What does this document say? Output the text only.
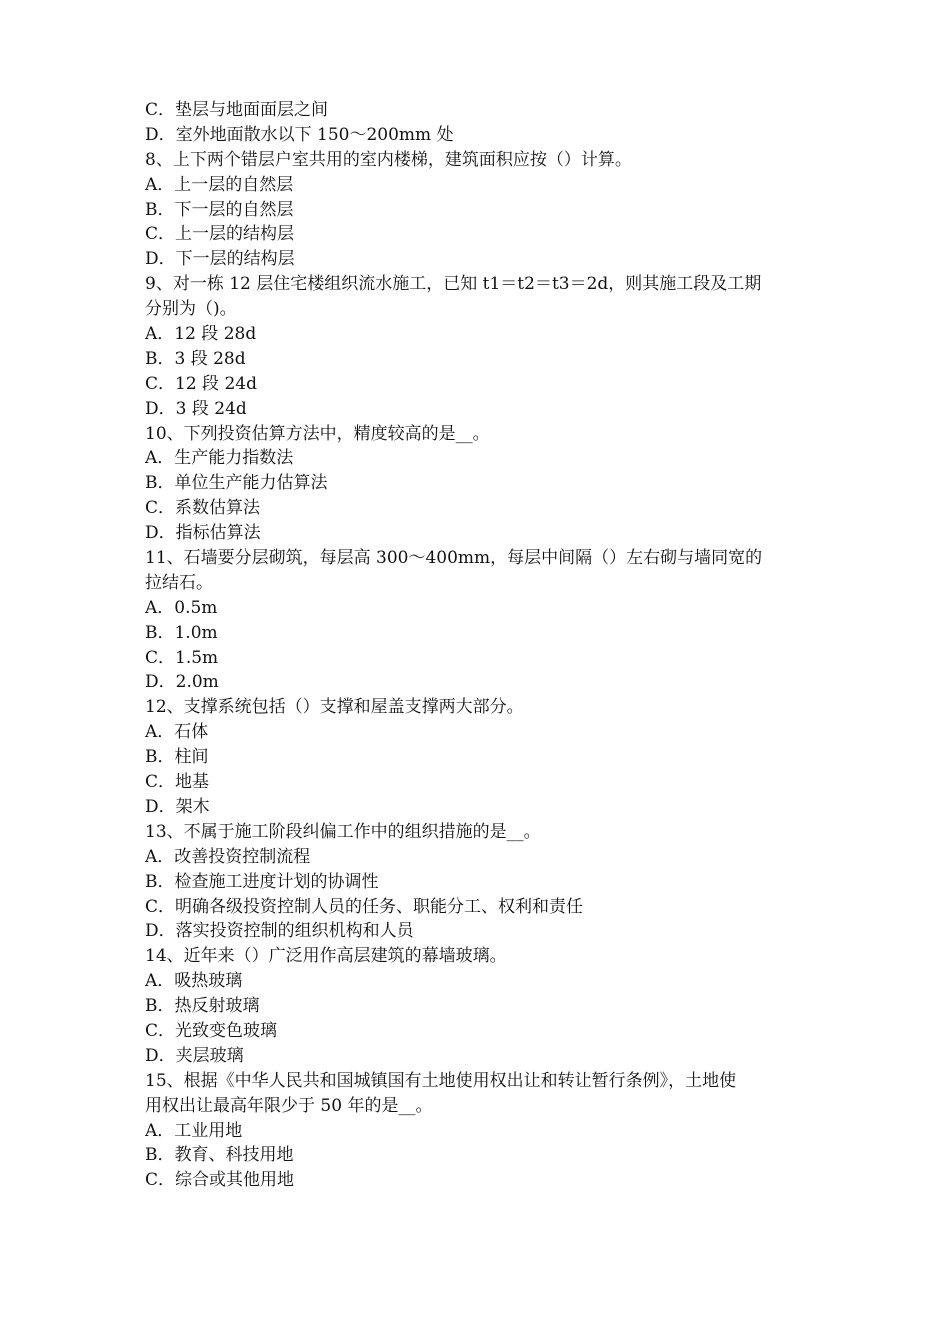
C．垫层与地面面层之间
D．室外地面散水以下 150～200mm 处
8、上下两个错层户室共用的室内楼梯，建筑面积应按（）计算。
A．上一层的自然层
B．下一层的自然层
C．上一层的结构层
D．下一层的结构层
9、对一栋 12 层住宅楼组织流水施工，已知 t1＝t2＝t3＝2d，则其施工段及工期
分别为（)。
A．12 段 28d
B．3 段 28d
C．12 段 24d
D．3 段 24d
10、下列投资估算方法中，精度较高的是__。
A．生产能力指数法
B．单位生产能力估算法
C．系数估算法
D．指标估算法
11、石墙要分层砌筑，每层高 300～400mm，每层中间隔（）左右砌与墙同宽的
拉结石。
A．0.5m
B．1.0m
C．1.5m
D．2.0m
12、支撑系统包括（）支撑和屋盖支撑两大部分。
A．石体
B．柱间
C．地基
D．架木
13、不属于施工阶段纠偏工作中的组织措施的是__。
A．改善投资控制流程
B．检查施工进度计划的协调性
C．明确各级投资控制人员的任务、职能分工、权利和责任
D．落实投资控制的组织机构和人员
14、近年来（）广泛用作高层建筑的幕墙玻璃。
A．吸热玻璃
B．热反射玻璃
C．光致变色玻璃
D．夹层玻璃
15、根据《中华人民共和国城镇国有土地使用权出让和转让暂行条例》，土地使
用权出让最高年限少于 50 年的是__。
A．工业用地
B．教育、科技用地
C．综合或其他用地
